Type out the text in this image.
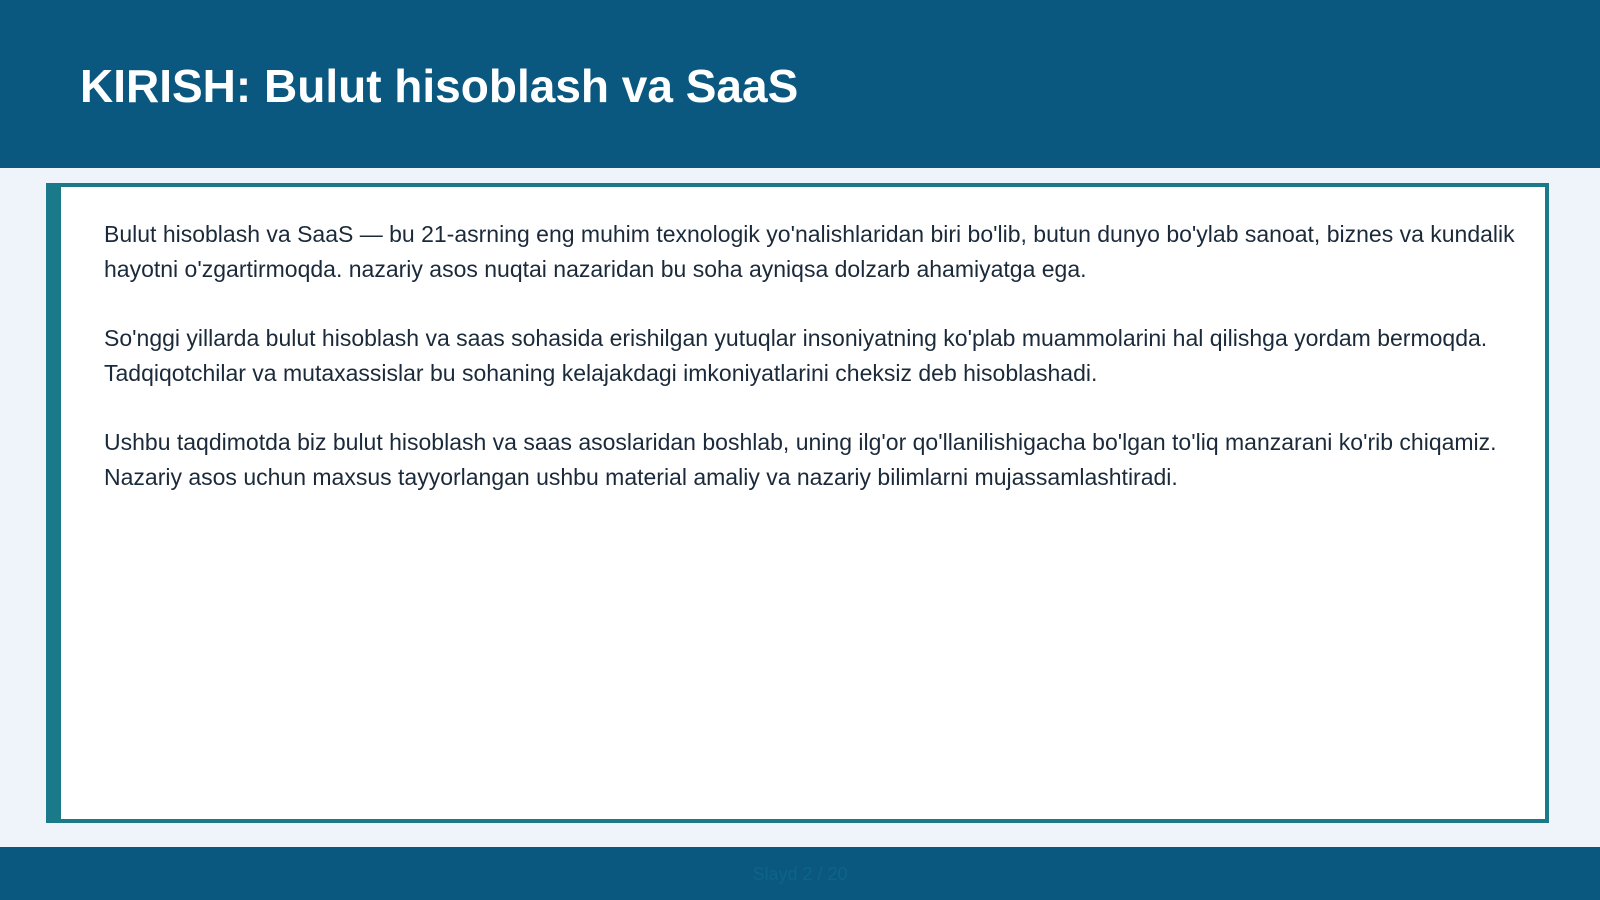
KIRISH: Bulut hisoblash va SaaS

Bulut hisoblash va SaaS — bu 21-asrning eng muhim texnologik yo'nalishlaridan biri bo'lib, butun dunyo bo'ylab sanoat, biznes va kundalik hayotni o'zgartirmoqda. nazariy asos nuqtai nazaridan bu soha ayniqsa dolzarb ahamiyatga ega.

So'nggi yillarda bulut hisoblash va saas sohasida erishilgan yutuqlar insoniyatning ko'plab muammolarini hal qilishga yordam bermoqda. Tadqiqotchilar va mutaxassislar bu sohaning kelajakdagi imkoniyatlarini cheksiz deb hisoblashadi.

Ushbu taqdimotda biz bulut hisoblash va saas asoslaridan boshlab, uning ilg'or qo'llanilishigacha bo'lgan to'liq manzarani ko'rib chiqamiz. Nazariy asos uchun maxsus tayyorlangan ushbu material amaliy va nazariy bilimlarni mujassamlashtiradi.

Slayd 2 / 20
